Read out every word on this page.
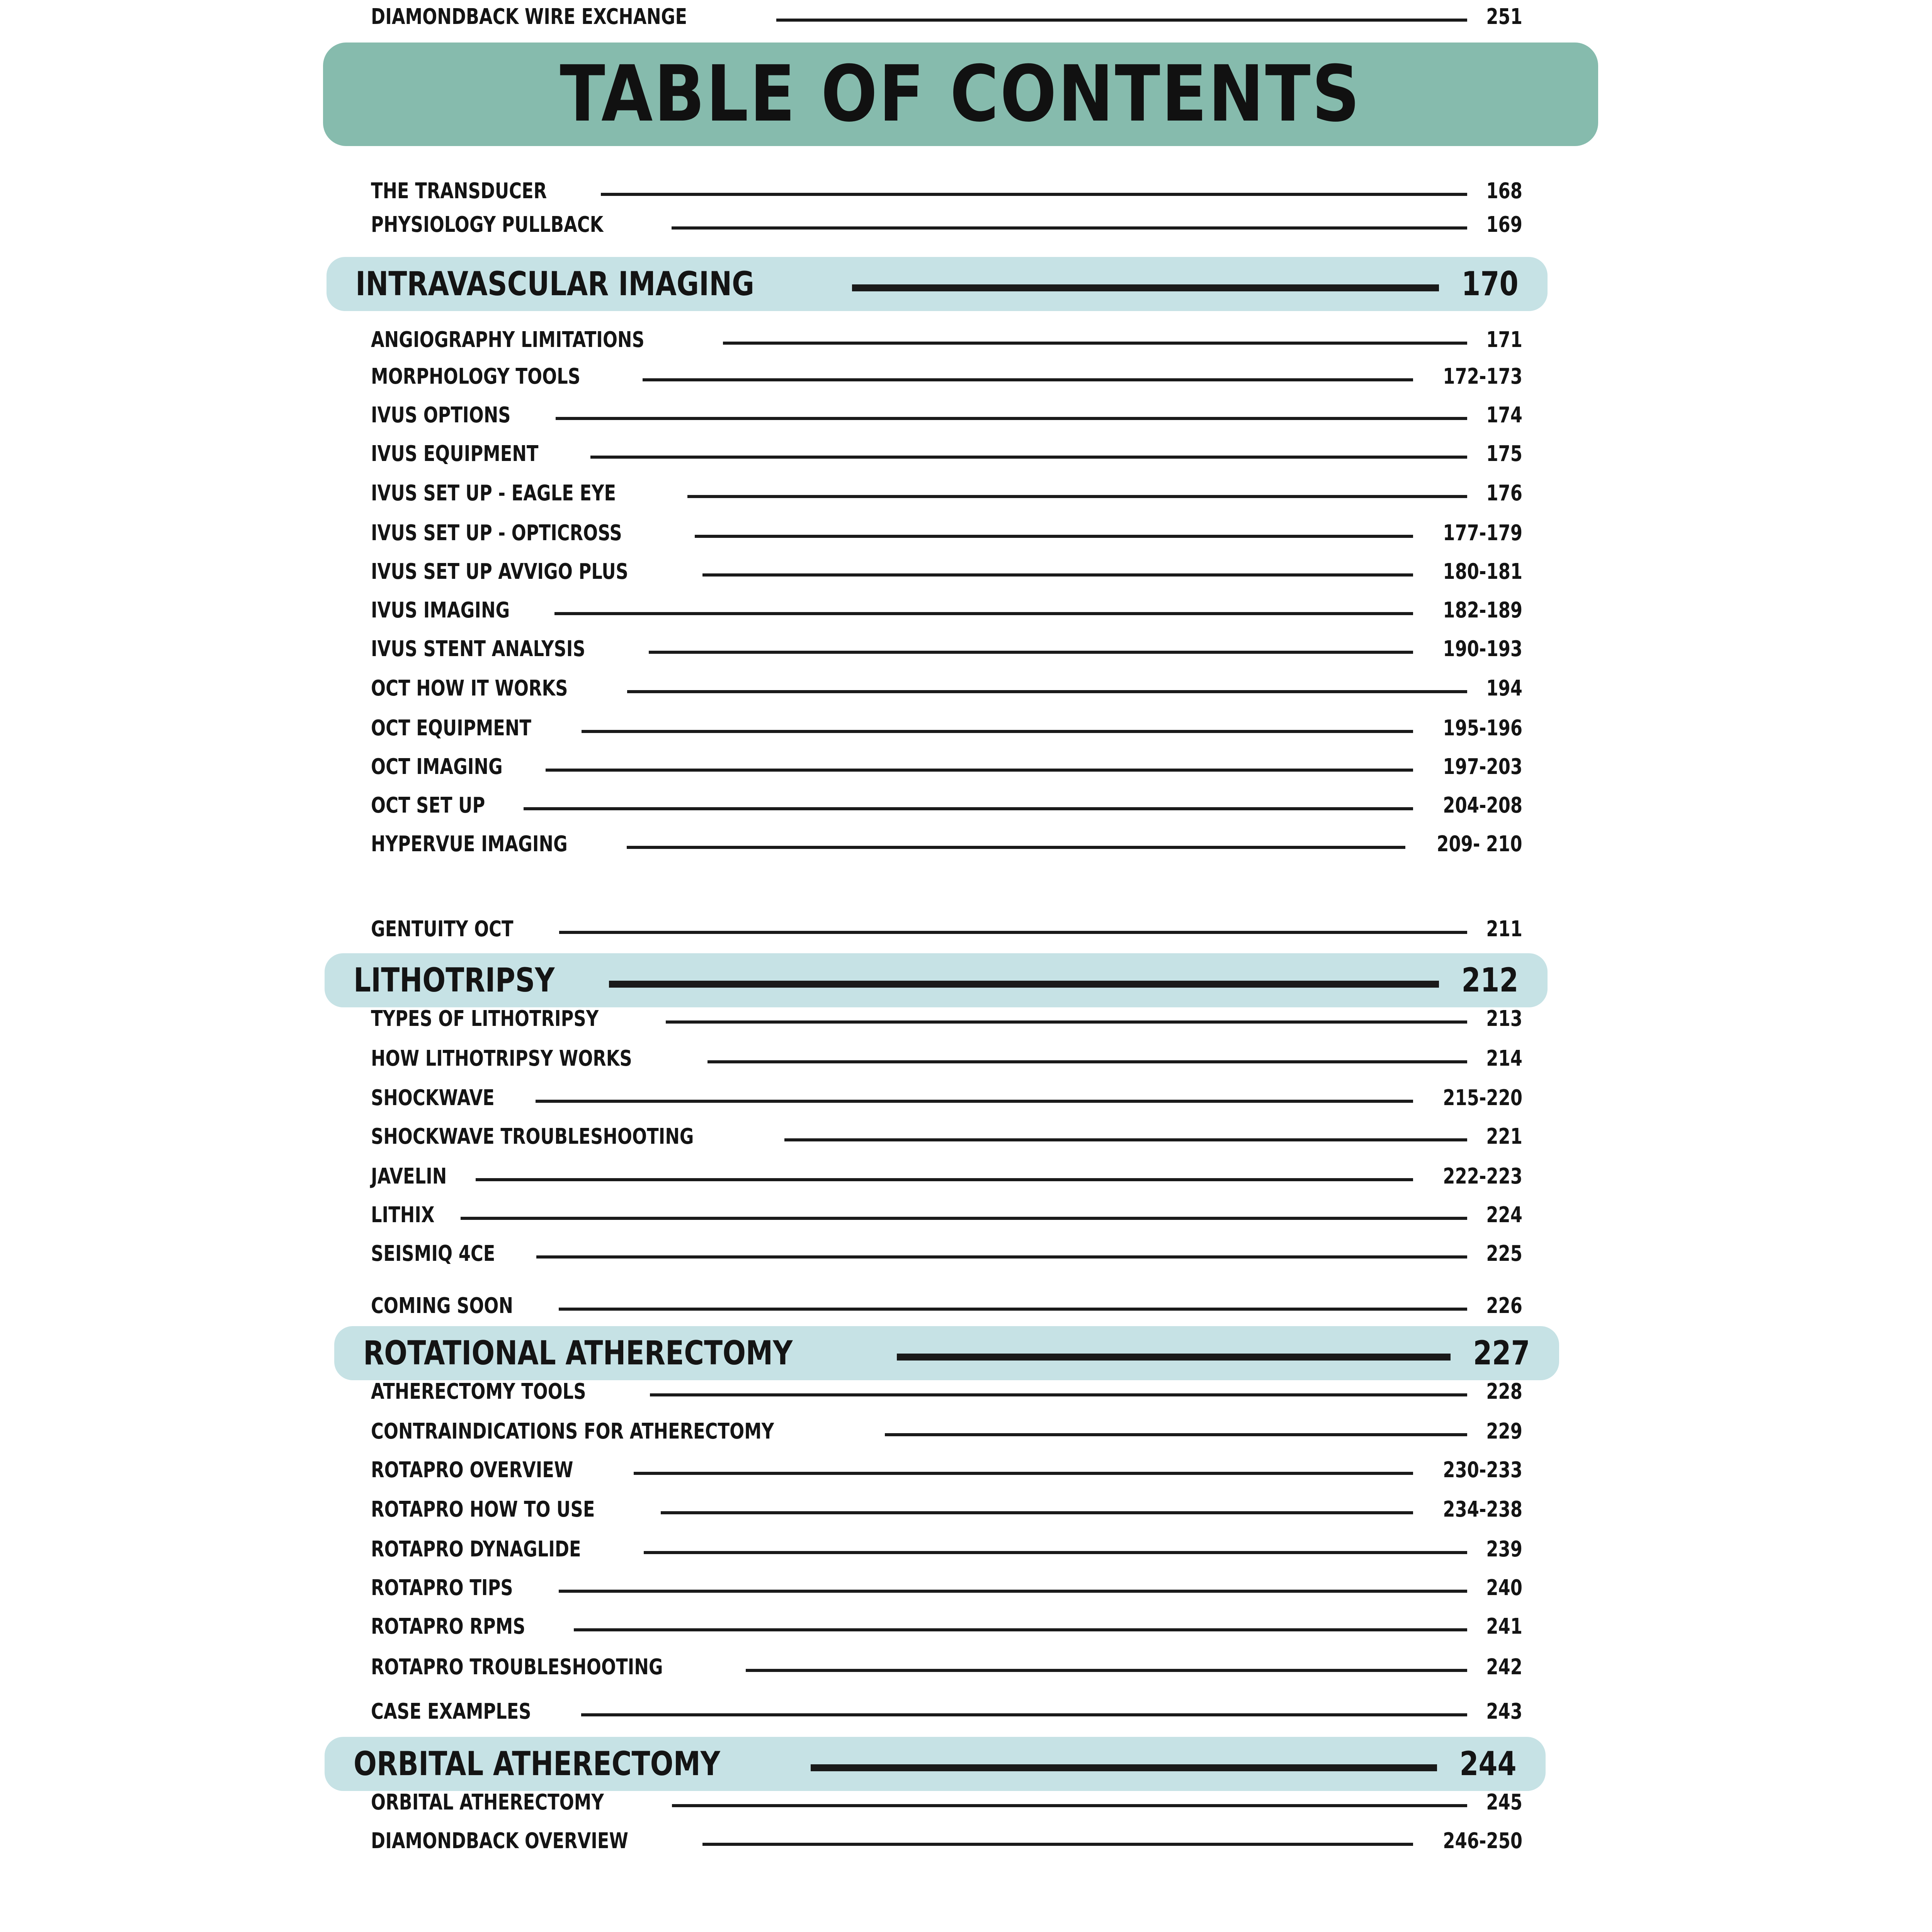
TABLE OF CONTENTS
THE TRANSDUCER	168
PHYSIOLOGY PULLBACK	169
INTRAVASCULAR IMAGING	170
ANGIOGRAPHY LIMITATIONS	171
MORPHOLOGY TOOLS	172-173
IVUS OPTIONS	174
IVUS EQUIPMENT	175
IVUS SET UP - EAGLE EYE	176
IVUS SET UP - OPTICROSS	177-179
IVUS SET UP AVVIGO PLUS	180-181
IVUS IMAGING	182-189
IVUS STENT ANALYSIS	190-193
OCT HOW IT WORKS	194
OCT EQUIPMENT	195-196
OCT IMAGING	197-203
OCT SET UP	204-208
HYPERVUE IMAGING	209- 210
GENTUITY OCT	211
LITHOTRIPSY	212
TYPES OF LITHOTRIPSY	213
HOW LITHOTRIPSY WORKS	214
SHOCKWAVE	215-220
SHOCKWAVE TROUBLESHOOTING	221
JAVELIN	222-223
LITHIX	224
SEISMIQ 4CE	225
COMING SOON	226
ROTATIONAL ATHERECTOMY	227
ATHERECTOMY TOOLS	228
CONTRAINDICATIONS FOR ATHERECTOMY	229
ROTAPRO OVERVIEW	230-233
ROTAPRO HOW TO USE	234-238
ROTAPRO DYNAGLIDE	239
ROTAPRO TIPS	240
ROTAPRO RPMS	241
ROTAPRO TROUBLESHOOTING	242
CASE EXAMPLES	243
ORBITAL ATHERECTOMY	244
ORBITAL ATHERECTOMY	245
DIAMONDBACK OVERVIEW	246-250
DIAMONDBACK WIRE EXCHANGE	251
